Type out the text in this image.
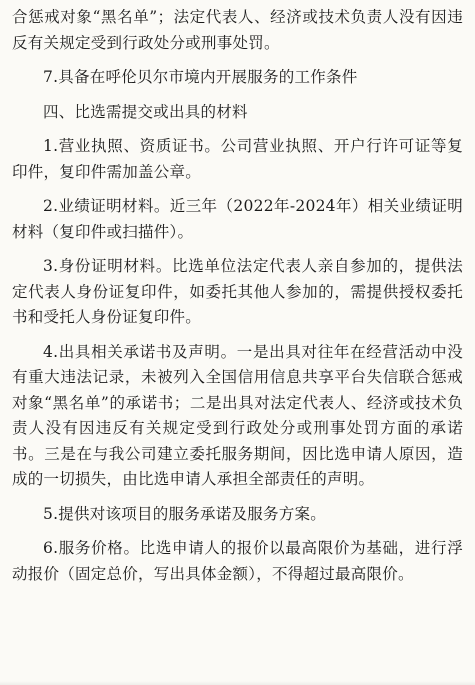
合惩戒对象“黑名单”；法定代表人、经济或技术负责人没有因违反有关规定受到行政处分或刑事处罚。

7.具备在呼伦贝尔市境内开展服务的工作条件

四、比选需提交或出具的材料

1.营业执照、资质证书。公司营业执照、开户行许可证等复印件，复印件需加盖公章。

2.业绩证明材料。近三年（2022年-2024年）相关业绩证明材料（复印件或扫描件）。

3.身份证明材料。比选单位法定代表人亲自参加的，提供法定代表人身份证复印件，如委托其他人参加的，需提供授权委托书和受托人身份证复印件。

4.出具相关承诺书及声明。一是出具对往年在经营活动中没有重大违法记录，未被列入全国信用信息共享平台失信联合惩戒对象“黑名单”的承诺书；二是出具对法定代表人、经济或技术负责人没有因违反有关规定受到行政处分或刑事处罚方面的承诺书。三是在与我公司建立委托服务期间，因比选申请人原因，造成的一切损失，由比选申请人承担全部责任的声明。

5.提供对该项目的服务承诺及服务方案。

6.服务价格。比选申请人的报价以最高限价为基础，进行浮动报价（固定总价，写出具体金额），不得超过最高限价。
